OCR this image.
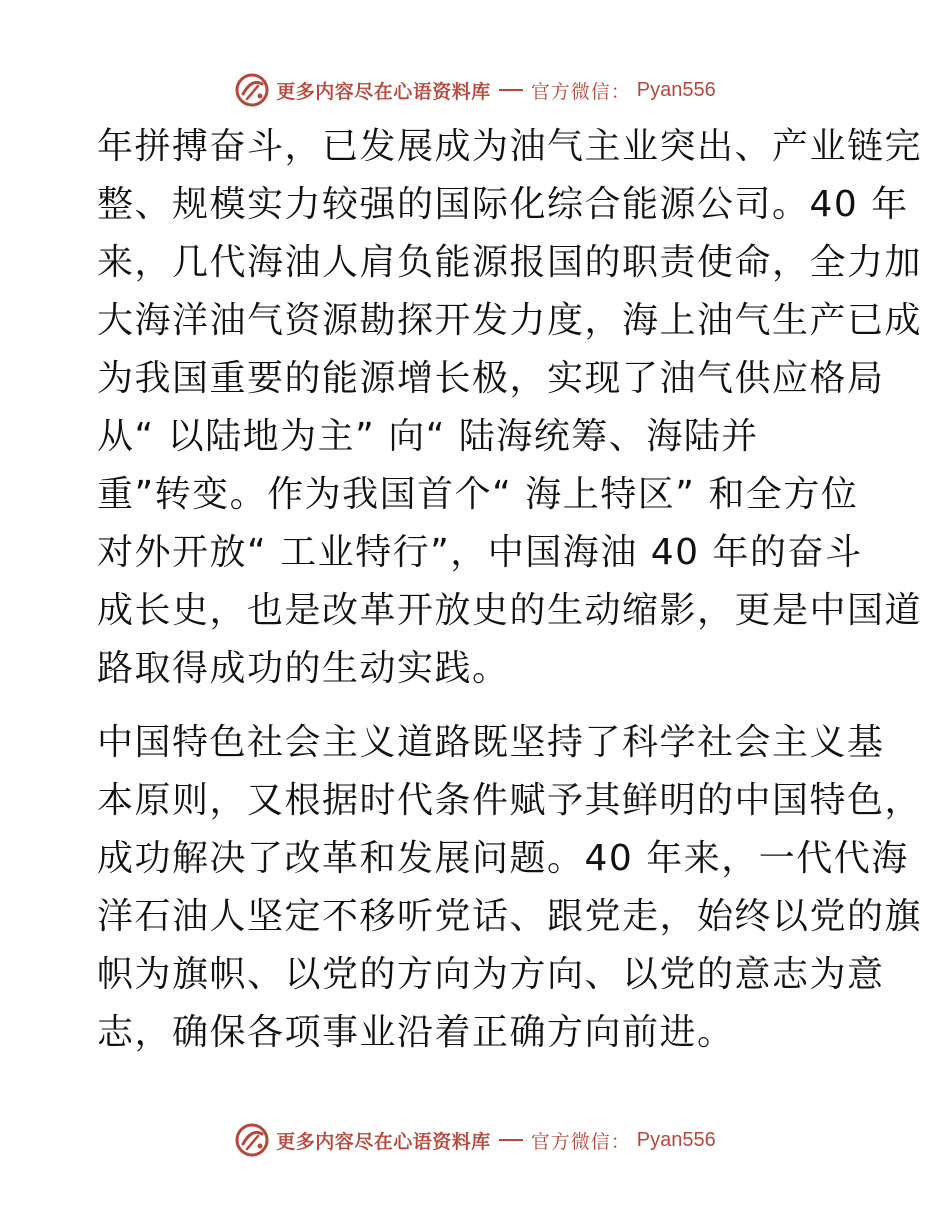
更多内容尽在心语资料库 官方微信： Pyan556
年拼搏奋斗，已发展成为油气主业突出、产业链完
整、规模实力较强的国际化综合能源公司。40 年
来，几代海油人肩负能源报国的职责使命，全力加
大海洋油气资源勘探开发力度，海上油气生产已成
为我国重要的能源增长极，实现了油气供应格局
从“ 以陆地为主” 向“ 陆海统筹、海陆并
重”转变。作为我国首个“ 海上特区” 和全方位
对外开放“ 工业特行”，中国海油 40 年的奋斗
成长史，也是改革开放史的生动缩影，更是中国道
路取得成功的生动实践。
中国特色社会主义道路既坚持了科学社会主义基
本原则，又根据时代条件赋予其鲜明的中国特色，
成功解决了改革和发展问题。40 年来，一代代海
洋石油人坚定不移听党话、跟党走，始终以党的旗
帜为旗帜、以党的方向为方向、以党的意志为意
志，确保各项事业沿着正确方向前进。
更多内容尽在心语资料库 官方微信： Pyan556
